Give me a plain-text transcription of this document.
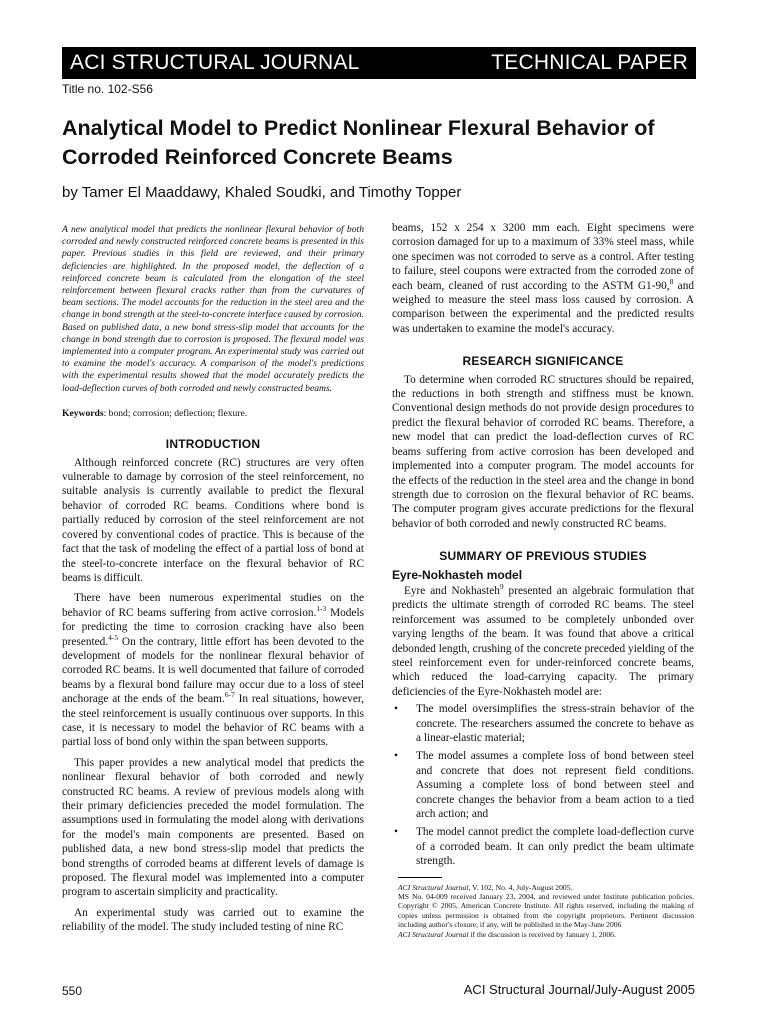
ACI STRUCTURAL JOURNAL	TECHNICAL PAPER
Title no. 102-S56
Analytical Model to Predict Nonlinear Flexural Behavior of Corroded Reinforced Concrete Beams
by Tamer El Maaddawy, Khaled Soudki, and Timothy Topper

A new analytical model that predicts the nonlinear flexural behavior of both corroded and newly constructed reinforced concrete beams is presented in this paper. Previous studies in this field are reviewed, and their primary deficiencies are highlighted. In the proposed model, the deflection of a reinforced concrete beam is calculated from the elongation of the steel reinforcement between flexural cracks rather than from the curvatures of beam sections. The model accounts for the reduction in the steel area and the change in bond strength at the steel-to-concrete interface caused by corrosion. Based on published data, a new bond stress-slip model that accounts for the change in bond strength due to corrosion is proposed. The flexural model was implemented into a computer program. An experimental study was carried out to examine the model's accuracy. A comparison of the model's predictions with the experimental results showed that the model accurately predicts the load-deflection curves of both corroded and newly constructed beams.

Keywords: bond; corrosion; deflection; flexure.

INTRODUCTION

Although reinforced concrete (RC) structures are very often vulnerable to damage by corrosion of the steel reinforcement, no suitable analysis is currently available to predict the flexural behavior of corroded RC beams. Conditions where bond is partially reduced by corrosion of the steel reinforcement are not covered by conventional codes of practice. This is because of the fact that the task of modeling the effect of a partial loss of bond at the steel-to-concrete interface on the flexural behavior of RC beams is difficult.

There have been numerous experimental studies on the behavior of RC beams suffering from active corrosion.$^{1-3}$ Models for predicting the time to corrosion cracking have also been presented.$^{4-5}$ On the contrary, little effort has been devoted to the development of models for the nonlinear flexural behavior of corroded RC beams. It is well documented that failure of corroded beams by a flexural bond failure may occur due to a loss of steel anchorage at the ends of the beam.$^{6-7}$ In real situations, however, the steel reinforcement is usually continuous over supports. In this case, it is necessary to model the behavior of RC beams with a partial loss of bond only within the span between supports.

This paper provides a new analytical model that predicts the nonlinear flexural behavior of both corroded and newly constructed RC beams. A review of previous models along with their primary deficiencies preceded the model formulation. The assumptions used in formulating the model along with derivations for the model's main components are presented. Based on published data, a new bond stress-slip model that predicts the bond strengths of corroded beams at different levels of damage is proposed. The flexural model was implemented into a computer program to ascertain simplicity and practicality.

An experimental study was carried out to examine the reliability of the model. The study included testing of nine RC

beams, 152 x 254 x 3200 mm each. Eight specimens were corrosion damaged for up to a maximum of 33% steel mass, while one specimen was not corroded to serve as a control. After testing to failure, steel coupons were extracted from the corroded zone of each beam, cleaned of rust according to the ASTM G1-90,$^8$ and weighed to measure the steel mass loss caused by corrosion. A comparison between the experimental and the predicted results was undertaken to examine the model's accuracy.

RESEARCH SIGNIFICANCE

To determine when corroded RC structures should be repaired, the reductions in both strength and stiffness must be known. Conventional design methods do not provide design procedures to predict the flexural behavior of corroded RC beams. Therefore, a new model that can predict the load-deflection curves of RC beams suffering from active corrosion has been developed and implemented into a computer program. The model accounts for the effects of the reduction in the steel area and the change in bond strength due to corrosion on the flexural behavior of RC beams. The computer program gives accurate predictions for the flexural behavior of both corroded and newly constructed RC beams.

SUMMARY OF PREVIOUS STUDIES
Eyre-Nokhasteh model

Eyre and Nokhasteh$^9$ presented an algebraic formulation that predicts the ultimate strength of corroded RC beams. The steel reinforcement was assumed to be completely unbonded over varying lengths of the beam. It was found that above a critical debonded length, crushing of the concrete preceded yielding of the steel reinforcement even for under-reinforced concrete beams, which reduced the load-carrying capacity. The primary deficiencies of the Eyre-Nokhasteh model are:

• The model oversimplifies the stress-strain behavior of the concrete. The researchers assumed the concrete to behave as a linear-elastic material;
• The model assumes a complete loss of bond between steel and concrete that does not represent field conditions. Assuming a complete loss of bond between steel and concrete changes the behavior from a beam action to a tied arch action; and
• The model cannot predict the complete load-deflection curve of a corroded beam. It can only predict the beam ultimate strength.
ACI Structural Journal, V. 102, No. 4, July-August 2005.
MS No. 04-009 received January 23, 2004, and reviewed under Institute publication policies. Copyright © 2005, American Concrete Institute. All rights reserved, including the making of copies unless permission is obtained from the copyright proprietors. Pertinent discussion including author's closure, if any, will be published in the May-June 2006
ACI Structural Journal if the discussion is received by January 1, 2006.
550	ACI Structural Journal/July-August 2005
